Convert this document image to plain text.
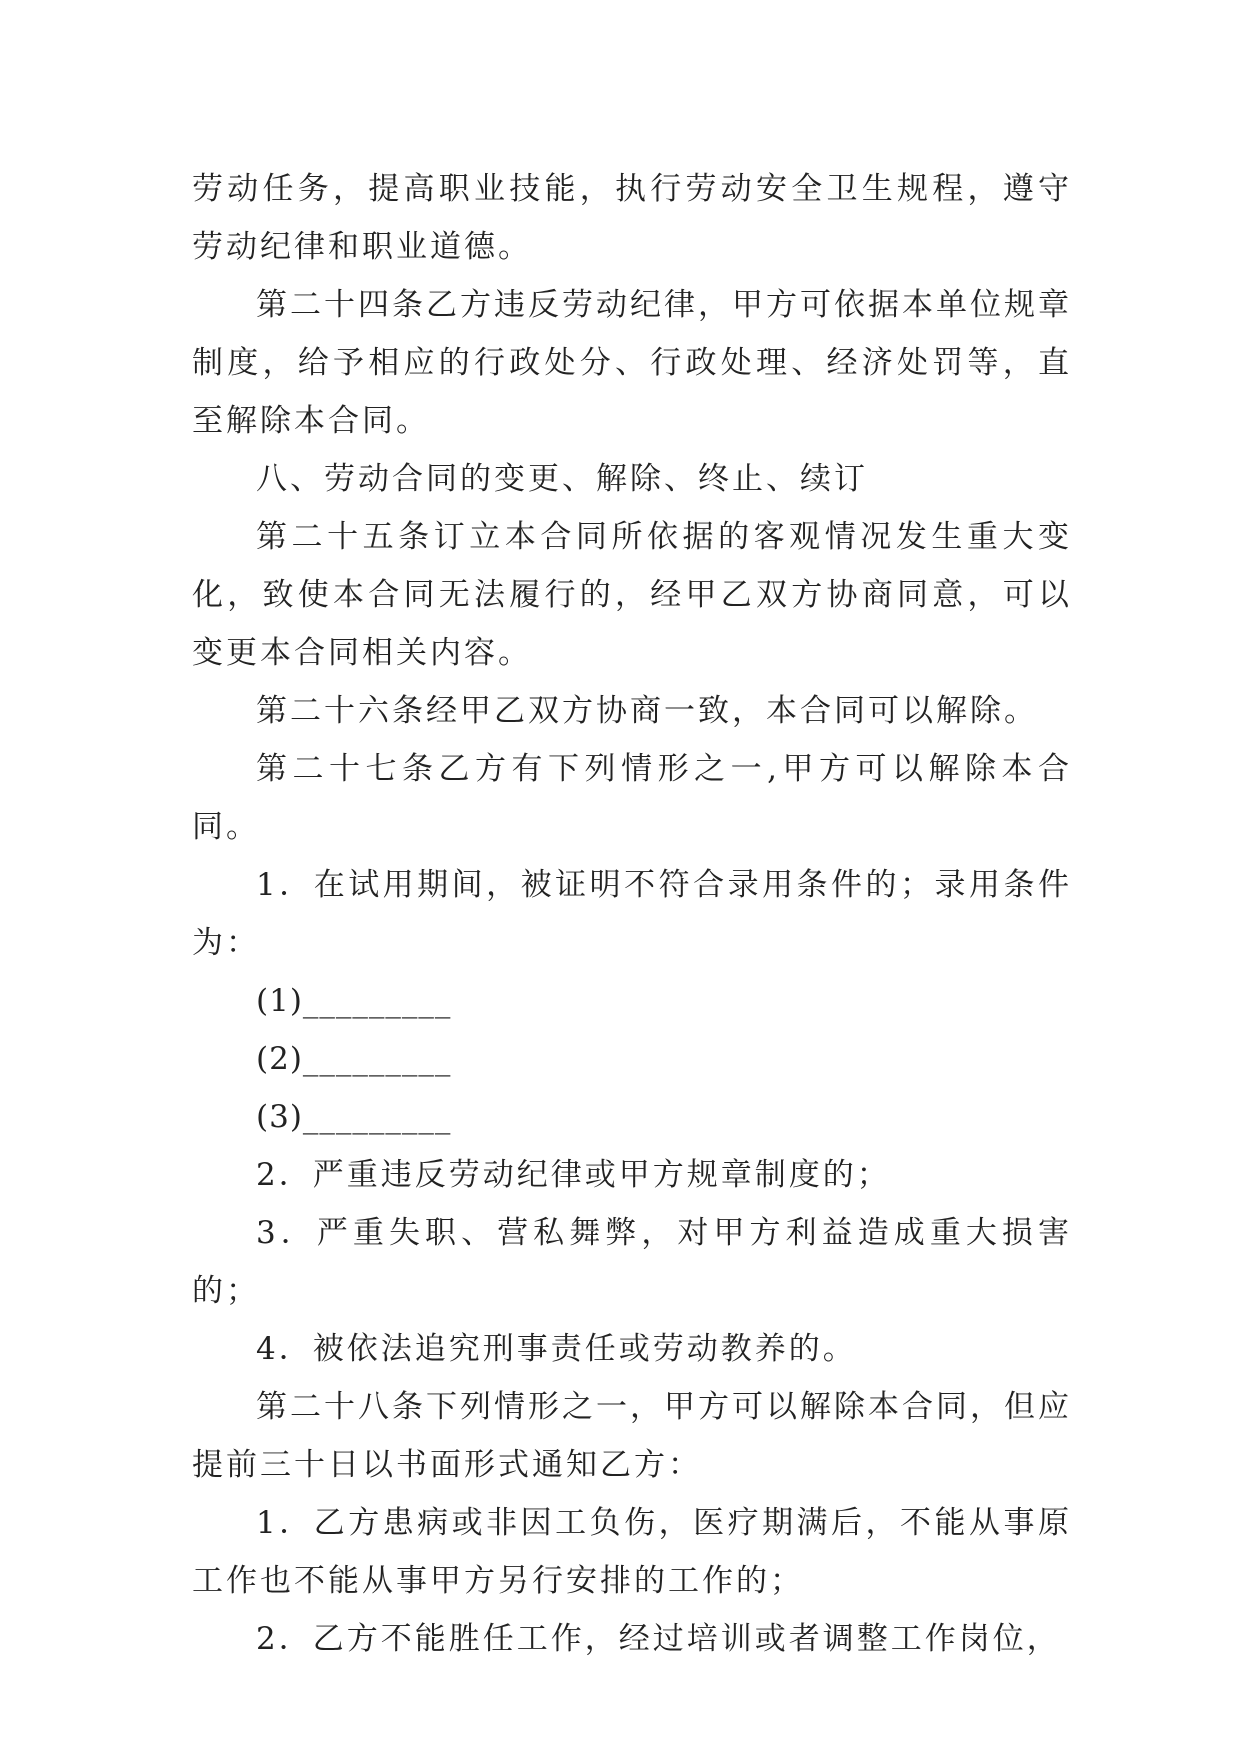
劳动任务，提高职业技能，执行劳动安全卫生规程，遵守劳动纪律和职业道德。

第二十四条乙方违反劳动纪律，甲方可依据本单位规章制度，给予相应的行政处分、行政处理、经济处罚等，直至解除本合同。

八、劳动合同的变更、解除、终止、续订

第二十五条订立本合同所依据的客观情况发生重大变化，致使本合同无法履行的，经甲乙双方协商同意，可以变更本合同相关内容。

第二十六条经甲乙双方协商一致，本合同可以解除。

第二十七条乙方有下列情形之一,甲方可以解除本合同。

1．在试用期间，被证明不符合录用条件的；录用条件为：

(1)_________

(2)_________

(3)_________

2．严重违反劳动纪律或甲方规章制度的；

3．严重失职、营私舞弊，对甲方利益造成重大损害的；

4．被依法追究刑事责任或劳动教养的。

第二十八条下列情形之一，甲方可以解除本合同，但应提前三十日以书面形式通知乙方：

1．乙方患病或非因工负伤，医疗期满后，不能从事原工作也不能从事甲方另行安排的工作的；

2．乙方不能胜任工作，经过培训或者调整工作岗位，
